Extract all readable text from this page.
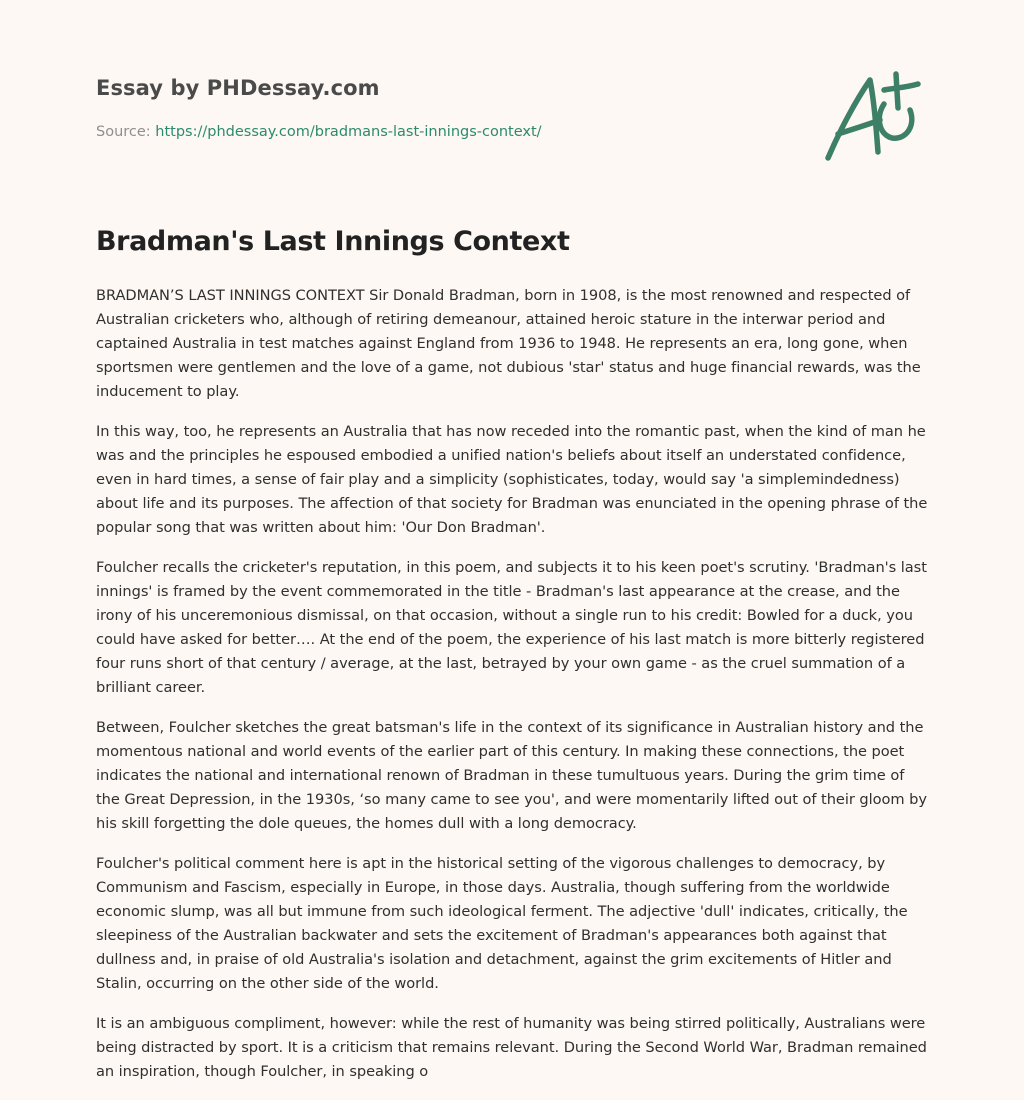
Essay by PHDessay.com
Source: https://phdessay.com/bradmans-last-innings-context/
Bradman's Last Innings Context

BRADMAN’S LAST INNINGS CONTEXT Sir Donald Bradman, born in 1908, is the most renowned and respected of Australian cricketers who, although of retiring demeanour, attained heroic stature in the interwar period and captained Australia in test matches against England from 1936 to 1948. He represents an era, long gone, when sportsmen were gentlemen and the love of a game, not dubious 'star' status and huge financial rewards, was the inducement to play.

In this way, too, he represents an Australia that has now receded into the romantic past, when the kind of man he was and the principles he espoused embodied a unified nation's beliefs about itself an understated confidence, even in hard times, a sense of fair play and a simplicity (sophisticates, today, would say 'a simplemindedness) about life and its purposes. The affection of that society for Bradman was enunciated in the opening phrase of the popular song that was written about him: 'Our Don Bradman'.

Foulcher recalls the cricketer's reputation, in this poem, and subjects it to his keen poet's scrutiny. 'Bradman's last innings' is framed by the event commemorated in the title - Bradman's last appearance at the crease, and the irony of his unceremonious dismissal, on that occasion, without a single run to his credit: Bowled for a duck, you could have asked for better…. At the end of the poem, the experience of his last match is more bitterly registered four runs short of that century / average, at the last, betrayed by your own game - as the cruel summation of a brilliant career.

Between, Foulcher sketches the great batsman's life in the context of its significance in Australian history and the momentous national and world events of the earlier part of this century. In making these connections, the poet indicates the national and international renown of Bradman in these tumultuous years. During the grim time of the Great Depression, in the 1930s, ‘so many came to see you', and were momentarily lifted out of their gloom by his skill forgetting the dole queues, the homes dull with a long democracy.

Foulcher's political comment here is apt in the historical setting of the vigorous challenges to democracy, by Communism and Fascism, especially in Europe, in those days. Australia, though suffering from the worldwide economic slump, was all but immune from such ideological ferment. The adjective 'dull' indicates, critically, the sleepiness of the Australian backwater and sets the excitement of Bradman's appearances both against that dullness and, in praise of old Australia's isolation and detachment, against the grim excitements of Hitler and Stalin, occurring on the other side of the world.

It is an ambiguous compliment, however: while the rest of humanity was being stirred politically, Australians were being distracted by sport. It is a criticism that remains relevant. During the Second World War, Bradman remained an inspiration, though Foulcher, in speaking o
